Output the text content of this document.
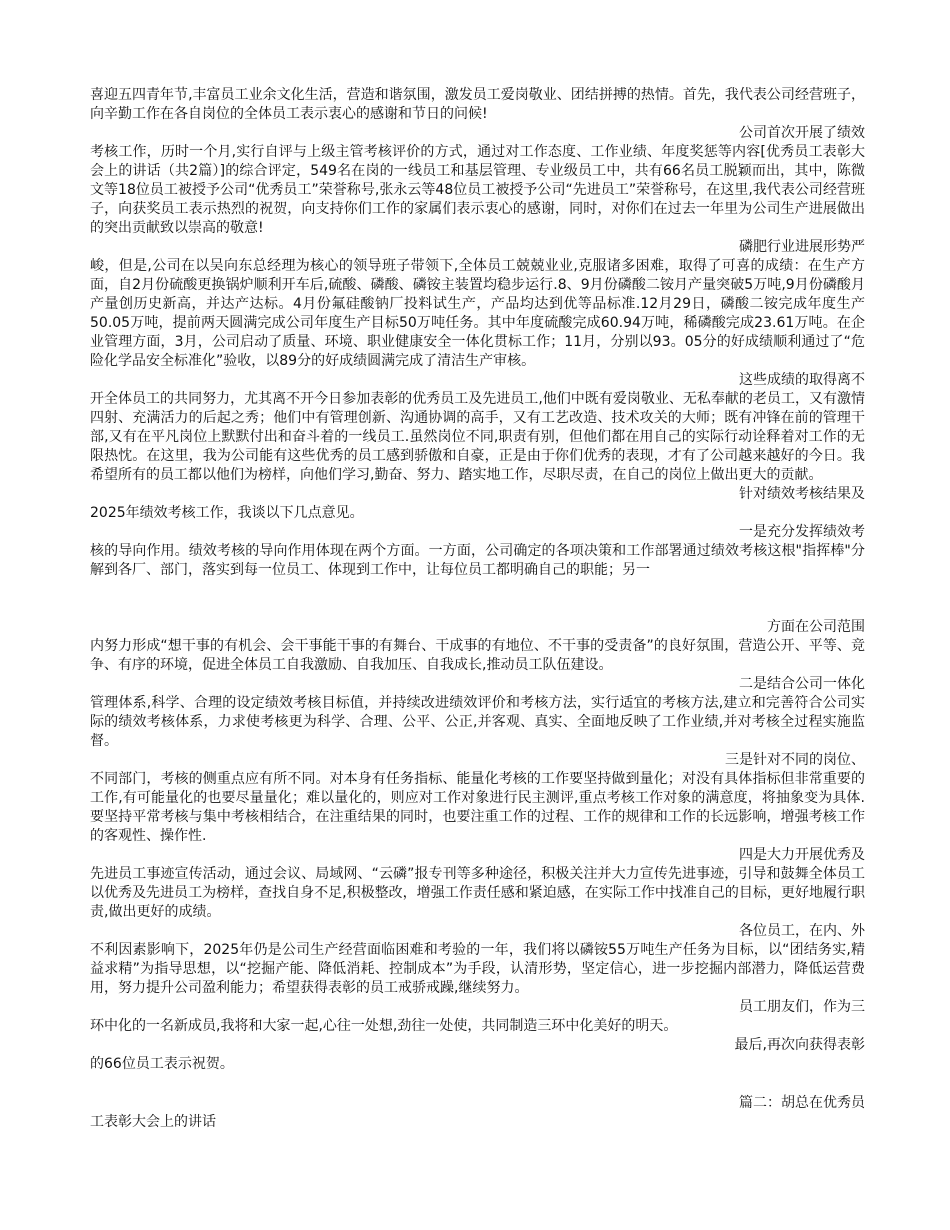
喜迎五四青年节,丰富员工业余文化生活，营造和谐氛围，激发员工爱岗敬业、团结拼搏的热情。首先，我代表公司经营班子，向辛勤工作在各自岗位的全体员工表示衷心的感谢和节日的问候!

公司首次开展了绩效
考核工作，历时一个月,实行自评与上级主管考核评价的方式，通过对工作态度、工作业绩、年度奖惩等内容[优秀员工表彰大会上的讲话（共2篇）]的综合评定，549名在岗的一线员工和基层管理、专业级员工中，共有66名员工脱颖而出，其中，陈微文等18位员工被授予公司“优秀员工”荣誉称号,张永云等48位员工被授予公司“先进员工”荣誉称号，在这里,我代表公司经营班子，向获奖员工表示热烈的祝贺，向支持你们工作的家属们表示衷心的感谢，同时，对你们在过去一年里为公司生产进展做出的突出贡献致以崇高的敬意!

磷肥行业进展形势严
峻，但是,公司在以吴向东总经理为核心的领导班子带领下,全体员工兢兢业业,克服诸多困难，取得了可喜的成绩：在生产方面，自2月份硫酸更换锅炉顺利开车后,硫酸、磷酸、磷铵主装置均稳步运行.8、9月份磷酸二铵月产量突破5万吨,9月份磷酸月产量创历史新高，并达产达标。4月份氟硅酸钠厂投料试生产，产品均达到优等品标准.12月29日，磷酸二铵完成年度生产50.05万吨，提前两天圆满完成公司年度生产目标50万吨任务。其中年度硫酸完成60.94万吨，稀磷酸完成23.61万吨。在企业管理方面，3月，公司启动了质量、环境、职业健康安全一体化贯标工作；11月，分别以93。05分的好成绩顺利通过了“危险化学品安全标准化”验收，以89分的好成绩圆满完成了清洁生产审核。

这些成绩的取得离不
开全体员工的共同努力，尤其离不开今日参加表彰的优秀员工及先进员工,他们中既有爱岗敬业、无私奉献的老员工，又有激情四射、充满活力的后起之秀；他们中有管理创新、沟通协调的高手，又有工艺改造、技术攻关的大师；既有冲锋在前的管理干部,又有在平凡岗位上默默付出和奋斗着的一线员工.虽然岗位不同,职责有别，但他们都在用自己的实际行动诠释着对工作的无限热忱。在这里，我为公司能有这些优秀的员工感到骄傲和自豪，正是由于你们优秀的表现，才有了公司越来越好的今日。我希望所有的员工都以他们为榜样，向他们学习,勤奋、努力、踏实地工作，尽职尽责，在自己的岗位上做出更大的贡献。

针对绩效考核结果及
2025年绩效考核工作，我谈以下几点意见。

一是充分发挥绩效考
核的导向作用。绩效考核的导向作用体现在两个方面。一方面，公司确定的各项决策和工作部署通过绩效考核这根"指挥棒"分解到各厂、部门，落实到每一位员工、体现到工作中，让每位员工都明确自己的职能；另一

方面在公司范围
内努力形成“想干事的有机会、会干事能干事的有舞台、干成事的有地位、不干事的受责备”的良好氛围，营造公开、平等、竞争、有序的环境，促进全体员工自我激励、自我加压、自我成长,推动员工队伍建设。

二是结合公司一体化
管理体系,科学、合理的设定绩效考核目标值，并持续改进绩效评价和考核方法，实行适宜的考核方法,建立和完善符合公司实际的绩效考核体系，力求使考核更为科学、合理、公平、公正,并客观、真实、全面地反映了工作业绩,并对考核全过程实施监督。

三是针对不同的岗位、
不同部门，考核的侧重点应有所不同。对本身有任务指标、能量化考核的工作要坚持做到量化；对没有具体指标但非常重要的工作,有可能量化的也要尽量量化；难以量化的，则应对工作对象进行民主测评,重点考核工作对象的满意度，将抽象变为具体.要坚持平常考核与集中考核相结合，在注重结果的同时，也要注重工作的过程、工作的规律和工作的长远影响，增强考核工作的客观性、操作性.

四是大力开展优秀及
先进员工事迹宣传活动，通过会议、局域网、“云磷”报专刊等多种途径，积极关注并大力宣传先进事迹，引导和鼓舞全体员工以优秀及先进员工为榜样，查找自身不足,积极整改，增强工作责任感和紧迫感，在实际工作中找准自己的目标，更好地履行职责,做出更好的成绩。

各位员工，在内、外
不利因素影响下，2025年仍是公司生产经营面临困难和考验的一年，我们将以磷铵55万吨生产任务为目标，以“团结务实,精益求精”为指导思想，以“挖掘产能、降低消耗、控制成本”为手段，认清形势，坚定信心，进一步挖掘内部潜力，降低运营费用，努力提升公司盈利能力；希望获得表彰的员工戒骄戒躁,继续努力。

员工朋友们，作为三
环中化的一名新成员,我将和大家一起,心往一处想,劲往一处使，共同制造三环中化美好的明天。

最后,再次向获得表彰
的66位员工表示祝贺。

篇二：胡总在优秀员
工表彰大会上的讲话
